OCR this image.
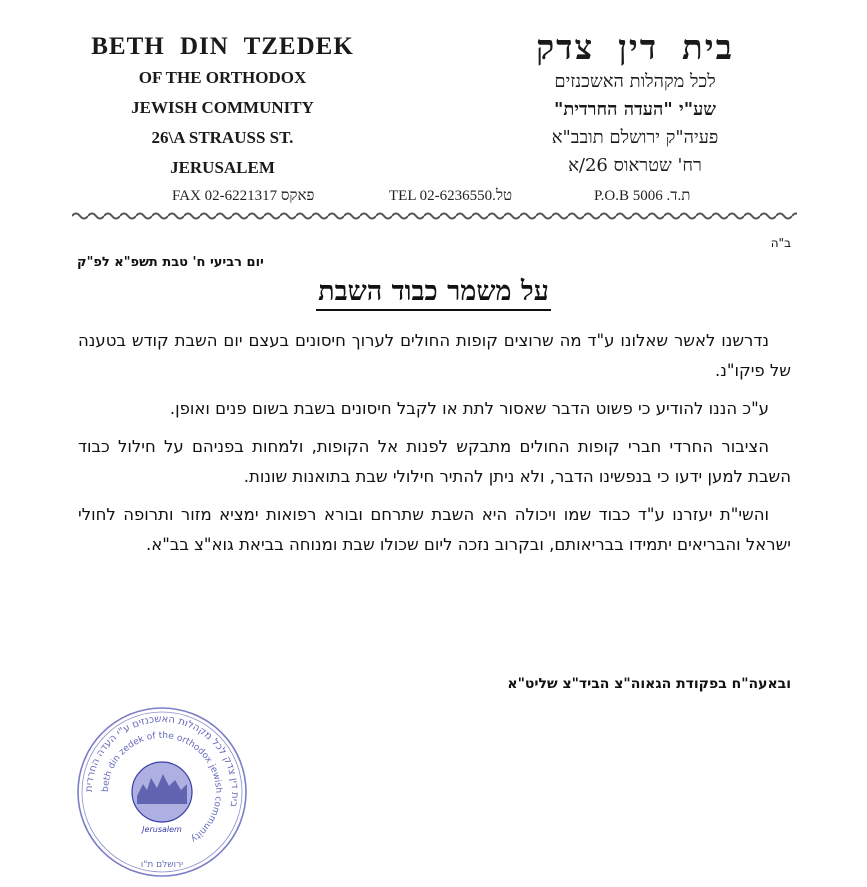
BETH DIN TZEDEK
OF THE ORTHODOX
JEWISH COMMUNITY
26\A STRAUSS ST.
JERUSALEM
בית דין צדק
לכל מקהלות האשכנזים
שע"י "העדה החרדית"
פעיה"ק ירושלם תובב"א
רח' שטראוס 26/א
FAX 02-6221317 פאקס	TEL 02-6236550.טל	P.O.B 5006 .ת.ד
ב"ה
יום רביעי ח' טבת תשפ"א לפ"ק
על משמר כבוד השבת

נדרשנו לאשר שאלונו ע"ד מה שרוצים קופות החולים לערוך חיסונים בעצם יום השבת קודש בטענה של פיקו"נ.

ע"כ הננו להודיע כי פשוט הדבר שאסור לתת או לקבל חיסונים בשבת בשום פנים ואופן.

הציבור החרדי חברי קופות החולים מתבקש לפנות אל הקופות, ולמחות בפניהם על חילול כבוד השבת למען ידעו כי בנפשינו הדבר, ולא ניתן להתיר חילולי שבת בתואנות שונות.

והשי"ת יעזרנו ע"ד כבוד שמו ויכולה היא השבת שתרחם ובורא רפואות ימציא מזור ותרופה לחולי ישראל והבריאים יתמידו בבריאותם, ובקרוב נזכה ליום שכולו שבת ומנוחה בביאת גוא"צ בב"א.

ובאעה"ח בפקודת הגאוה"צ הביד"צ שליט"א
בית דין צדק לכל מקהלות האשכנזים ע"י העדה החרדית
beth din zedek of the orthodox jewish community
Jerusalem
ירושלם ת"ו
